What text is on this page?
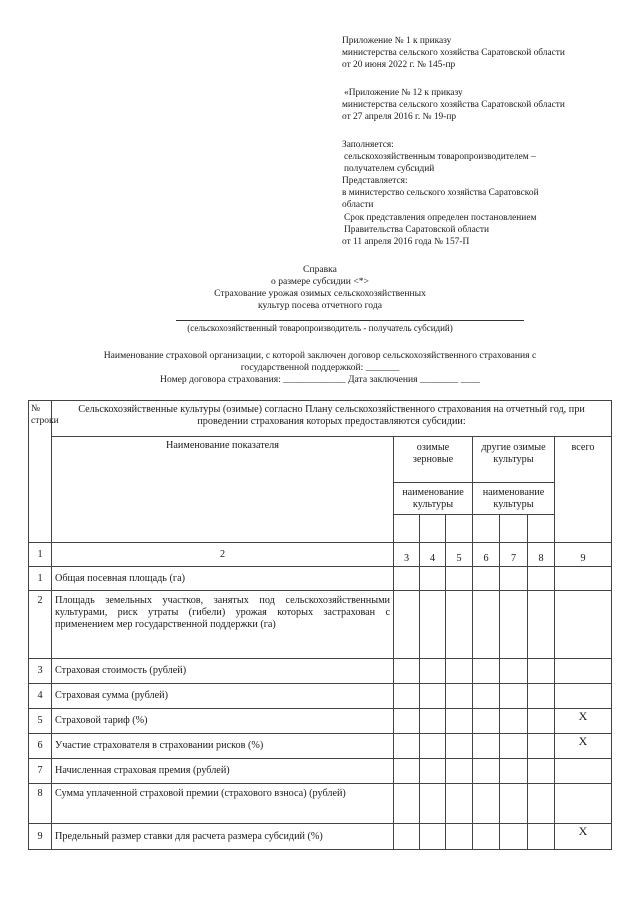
Приложение № 1 к приказу
министерства сельского хозяйства Саратовской области
от 20 июня 2022 г. № 145-пр
«Приложение № 12 к приказу
министерства сельского хозяйства Саратовской области
от 27 апреля 2016 г. № 19-пр
Заполняется:
сельскохозяйственным товаропроизводителем –
получателем субсидий
Представляется:
в министерство сельского хозяйства Саратовской
области
Срок представления определен постановлением
Правительства Саратовской области
от 11 апреля 2016 года № 157-П
Справка
о размере субсидии <*>
Страхование урожая озимых сельскохозяйственных
культур посева отчетного года
(сельскохозяйственный товаропроизводитель - получатель субсидий)
Наименование страховой организации, с которой заключен договор сельскохозяйственного страхования с
государственной поддержкой: _______
Номер договора страхования: _____________ Дата заключения ________ ____
№ строки	Сельскохозяйственные культуры (озимые) согласно Плану сельскохозяйственного страхования на отчетный год, при проведении страхования которых предоставляются субсидии:							
	Наименование показателя	озимые зерновые			другие озимые культуры			всего
		наименование культуры			наименование культуры			

1	2	3	4	5	6	7	8	9
1	Общая посевная площадь (га)							
2	Площадь земельных участков, занятых под сельскохозяйственными культурами, риск утраты (гибели) урожая которых застрахован с применением мер государственной поддержки (га)							

3	Страховая стоимость (рублей)							
4	Страховая сумма (рублей)							
5	Страховой тариф (%)							X
6	Участие страхователя в страховании рисков (%)							X
7	Начисленная страховая премия (рублей)							
8	Сумма уплаченной страховой премии (страхового взноса) (рублей)							

9	Предельный размер ставки для расчета размера субсидий (%)							X
